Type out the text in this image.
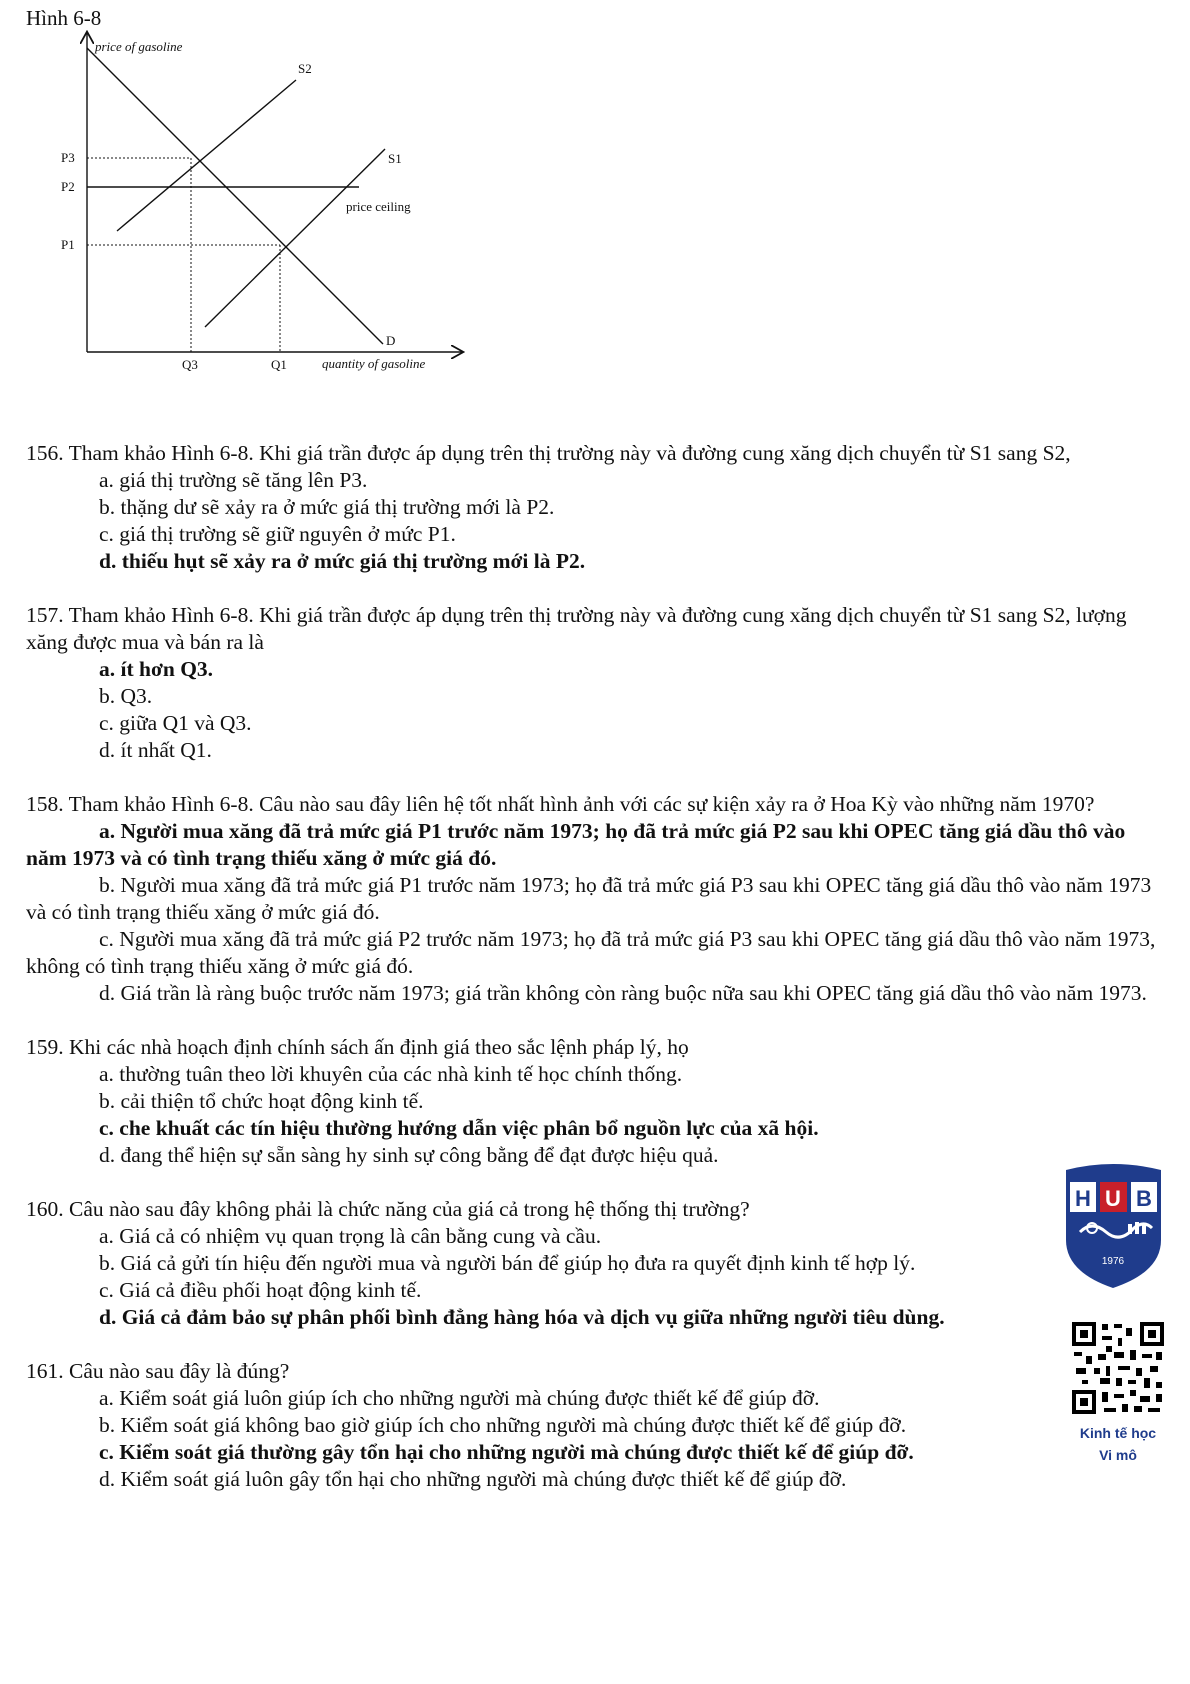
Hình 6-8
price of gasoline
quantity of gasoline
D
S1
S2
price ceiling
P3
P2
P1
Q3	Q1

156. Tham khảo Hình 6-8. Khi giá trần được áp dụng trên thị trường này và đường cung xăng dịch chuyển từ S1 sang S2,

a. giá thị trường sẽ tăng lên P3.

b. thặng dư sẽ xảy ra ở mức giá thị trường mới là P2.

c. giá thị trường sẽ giữ nguyên ở mức P1.

d. thiếu hụt sẽ xảy ra ở mức giá thị trường mới là P2.

157. Tham khảo Hình 6-8. Khi giá trần được áp dụng trên thị trường này và đường cung xăng dịch chuyển từ S1 sang S2, lượng xăng được mua và bán ra là

a. ít hơn Q3.

b. Q3.

c. giữa Q1 và Q3.

d. ít nhất Q1.

158. Tham khảo Hình 6-8. Câu nào sau đây liên hệ tốt nhất hình ảnh với các sự kiện xảy ra ở Hoa Kỳ vào những năm 1970?

a. Người mua xăng đã trả mức giá P1 trước năm 1973; họ đã trả mức giá P2 sau khi OPEC tăng giá dầu thô vào năm 1973 và có tình trạng thiếu xăng ở mức giá đó.

b. Người mua xăng đã trả mức giá P1 trước năm 1973; họ đã trả mức giá P3 sau khi OPEC tăng giá dầu thô vào năm 1973 và có tình trạng thiếu xăng ở mức giá đó.

c. Người mua xăng đã trả mức giá P2 trước năm 1973; họ đã trả mức giá P3 sau khi OPEC tăng giá dầu thô vào năm 1973, không có tình trạng thiếu xăng ở mức giá đó.

d. Giá trần là ràng buộc trước năm 1973; giá trần không còn ràng buộc nữa sau khi OPEC tăng giá dầu thô vào năm 1973.

159. Khi các nhà hoạch định chính sách ấn định giá theo sắc lệnh pháp lý, họ

a. thường tuân theo lời khuyên của các nhà kinh tế học chính thống.

b. cải thiện tổ chức hoạt động kinh tế.

c. che khuất các tín hiệu thường hướng dẫn việc phân bổ nguồn lực của xã hội.

d. đang thể hiện sự sẵn sàng hy sinh sự công bằng để đạt được hiệu quả.

160. Câu nào sau đây không phải là chức năng của giá cả trong hệ thống thị trường?

a. Giá cả có nhiệm vụ quan trọng là cân bằng cung và cầu.

b. Giá cả gửi tín hiệu đến người mua và người bán để giúp họ đưa ra quyết định kinh tế hợp lý.

c. Giá cả điều phối hoạt động kinh tế.

d. Giá cả đảm bảo sự phân phối bình đẳng hàng hóa và dịch vụ giữa những người tiêu dùng.

161. Câu nào sau đây là đúng?

a. Kiểm soát giá luôn giúp ích cho những người mà chúng được thiết kế để giúp đỡ.

b. Kiểm soát giá không bao giờ giúp ích cho những người mà chúng được thiết kế để giúp đỡ.

c. Kiểm soát giá thường gây tổn hại cho những người mà chúng được thiết kế để giúp đỡ.

d. Kiểm soát giá luôn gây tổn hại cho những người mà chúng được thiết kế để giúp đỡ.

H U B
1976
Kinh tế học
Vi mô
